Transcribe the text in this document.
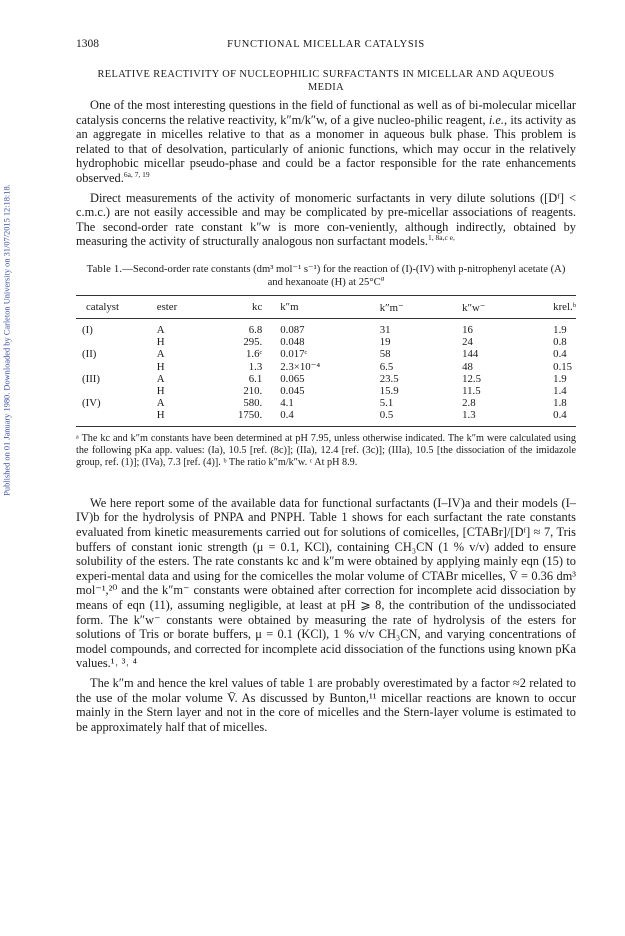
Published on 01 January 1980. Downloaded by Carleton University on 31/07/2015 12:18:18.
1308	FUNCTIONAL MICELLAR CATALYSIS
RELATIVE REACTIVITY OF NUCLEOPHILIC SURFACTANTS IN MICELLAR AND AQUEOUS MEDIA

One of the most interesting questions in the field of functional as well as of bi-molecular micellar catalysis concerns the relative reactivity, k″m/k″w, of a give nucleo-philic reagent, i.e., its activity as an aggregate in micelles relative to that as a monomer in aqueous bulk phase. This problem is related to that of desolvation, particularly of anionic functions, which may occur in the relatively hydrophobic micellar pseudo-phase and could be a factor responsible for the rate enhancements observed.$^{6a, 7, 19}$

Direct measurements of the activity of monomeric surfactants in very dilute solutions ([Dᶠ] < c.m.c.) are not easily accessible and may be complicated by pre-micellar associations of reagents. The second-order rate constant k″w is more con-veniently, although indirectly, obtained by measuring the activity of structurally analogous non surfactant models.$^{1, 8a,c e,}$

Table 1.—Second-order rate constants (dm³ mol⁻¹ s⁻¹) for the reaction of (I)-(IV) with p-nitrophenyl acetate (A) and hexanoate (H) at $25^\circ C^a$
catalyst	ester	kc	k″m	k″m⁻	k″w⁻	krel.ᵇ
(I)	A	6.8	0.087	31	16	1.9
	H	295.	0.048	19	24	0.8
(II)	A	1.6ᶜ	0.017ᶜ	58	144	0.4
	H	1.3	2.3×10⁻⁴	6.5	48	0.15
(III)	A	6.1	0.065	23.5	12.5	1.9
	H	210.	0.045	15.9	11.5	1.4
(IV)	A	580.	4.1	5.1	2.8	1.8
	H	1750.	0.4	0.5	1.3	0.4
ᵃ The kc and k″m constants have been determined at pH 7.95, unless otherwise indicated. The k″m were calculated using the following pKa app. values: (Ia), 10.5 [ref. (8c)]; (IIa), 12.4 [ref. (3c)]; (IIIa), 10.5 [the dissociation of the imidazole group, ref. (1)]; (IVa), 7.3 [ref. (4)]. ᵇ The ratio k″m/k″w. ᶜ At pH 8.9.

We here report some of the available data for functional surfactants (I–IV)a and their models (I–IV)b for the hydrolysis of PNPA and PNPH. Table 1 shows for each surfactant the rate constants evaluated from kinetic measurements carried out for solutions of comicelles, [CTABr]/[Dᶠ] ≈ 7, Tris buffers of constant ionic strength (μ = 0.1, KCl), containing CH₃CN (1 % v/v) added to ensure solubility of the esters. The rate constants kc and k″m were obtained by applying mainly eqn (15) to experi-mental data and using for the comicelles the molar volume of CTABr micelles, V̄ = 0.36 dm³ mol⁻¹,²⁰ and the k″m⁻ constants were obtained after correction for incomplete acid dissociation by means of eqn (11), assuming negligible, at least at pH ⩾ 8, the contribution of the undissociated form. The k″w⁻ constants were obtained by measuring the rate of hydrolysis of the esters for solutions of Tris or borate buffers, μ = 0.1 (KCl), 1 % v/v CH₃CN, and varying concentrations of model compounds, and corrected for incomplete acid dissociation of the functions using known pKa values.¹˒ ³˒ ⁴

The k″m and hence the krel values of table 1 are probably overestimated by a factor ≈2 related to the use of the molar volume V̄. As discussed by Bunton,¹¹ micellar reactions are known to occur mainly in the Stern layer and not in the core of micelles and the Stern-layer volume is estimated to be approximately half that of micelles.
